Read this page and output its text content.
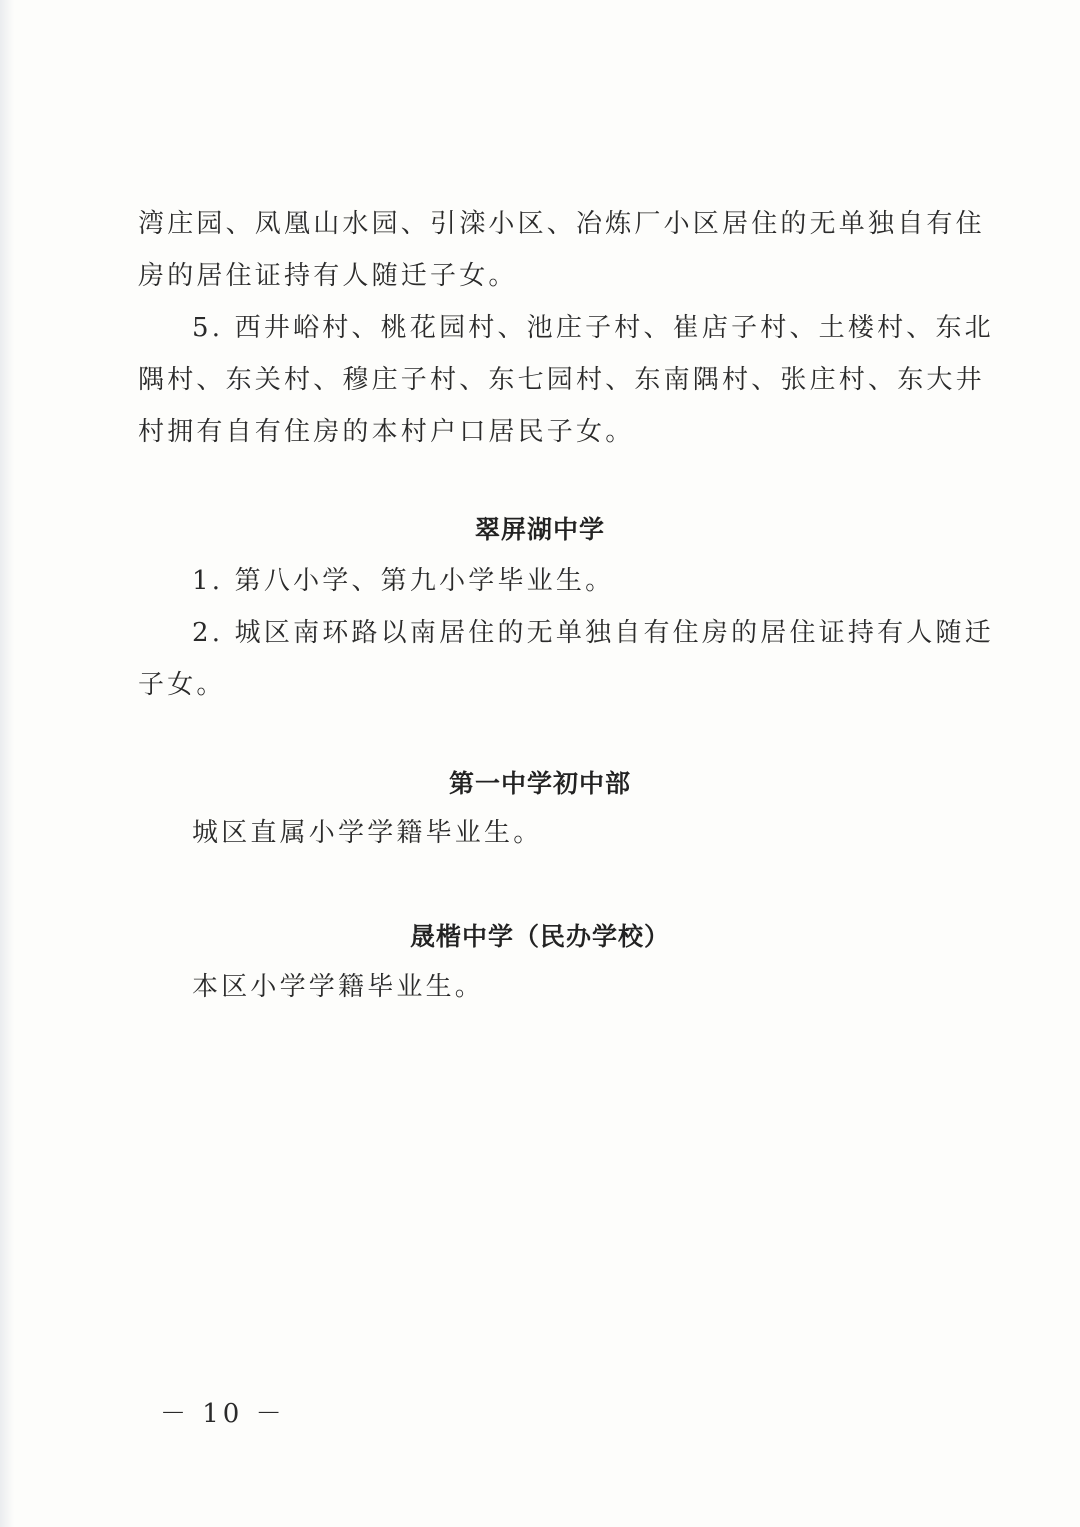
湾庄园、凤凰山水园、引滦小区、冶炼厂小区居住的无单独自有住
房的居住证持有人随迁子女。
5. 西井峪村、桃花园村、池庄子村、崔店子村、土楼村、东北
隅村、东关村、穆庄子村、东七园村、东南隅村、张庄村、东大井
村拥有自有住房的本村户口居民子女。
翠屏湖中学
1. 第八小学、第九小学毕业生。
2. 城区南环路以南居住的无单独自有住房的居住证持有人随迁
子女。
第一中学初中部
城区直属小学学籍毕业生。
晟楷中学（民办学校）
本区小学学籍毕业生。
－ 10 －
